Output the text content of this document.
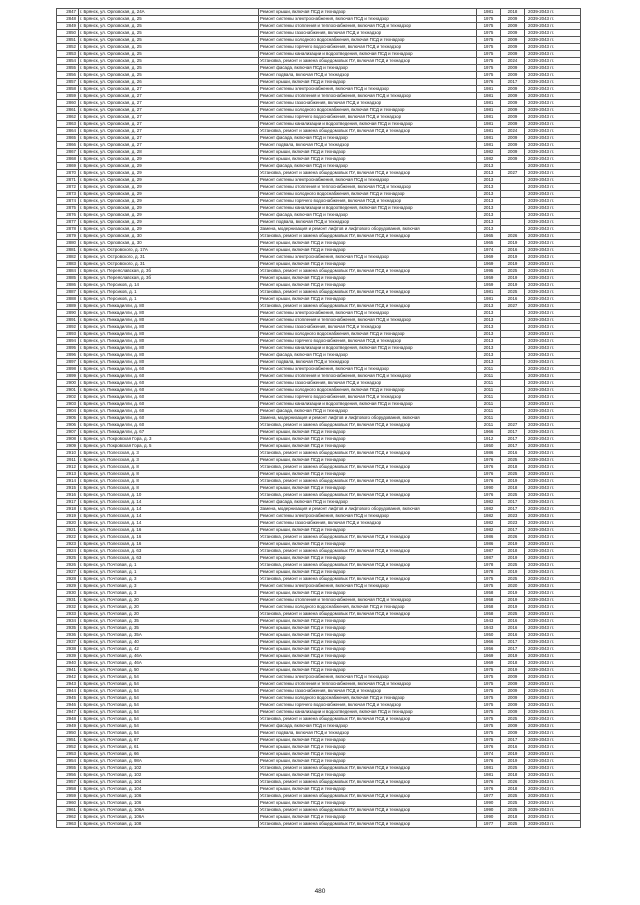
2847	г. Брянск, ул. Орловская, д. 24А	Ремонт крыши, включая ПСД и технадзор	1981	2018	2039-2043 гг.
2848	г. Брянск, ул. Орловская, д. 25	Ремонт системы электроснабжения, включая ПСД и технадзор	1975	2009	2039-2043 гг.
2849	г. Брянск, ул. Орловская, д. 25	Ремонт системы отопления и теплоснабжения, включая ПСД и технадзор	1975	2009	2039-2043 гг.
2850	г. Брянск, ул. Орловская, д. 25	Ремонт системы газоснабжения, включая ПСД и технадзор	1975	2009	2039-2043 гг.
2851	г. Брянск, ул. Орловская, д. 25	Ремонт системы холодного водоснабжения, включая ПСД и технадзор	1975	2009	2039-2043 гг.
2852	г. Брянск, ул. Орловская, д. 25	Ремонт системы горячего водоснабжения, включая ПСД и технадзор	1975	2009	2039-2043 гг.
2853	г. Брянск, ул. Орловская, д. 25	Ремонт системы канализации и водоотведения, включая ПСД и технадзор	1975	2009	2039-2043 гг.
2854	г. Брянск, ул. Орловская, д. 25	Установка, ремонт и замена общедомовых ПУ, включая ПСД и технадзор	1975	2024	2039-2043 гг.
2855	г. Брянск, ул. Орловская, д. 25	Ремонт фасада, включая ПСД и технадзор	1975	2009	2039-2043 гг.
2856	г. Брянск, ул. Орловская, д. 25	Ремонт подвала, включая ПСД и технадзор	1975	2009	2039-2043 гг.
2857	г. Брянск, ул. Орловская, д. 26	Ремонт крыши, включая ПСД и технадзор	1976	2017	2039-2043 гг.
2858	г. Брянск, ул. Орловская, д. 27	Ремонт системы электроснабжения, включая ПСД и технадзор	1981	2009	2039-2043 гг.
2859	г. Брянск, ул. Орловская, д. 27	Ремонт системы отопления и теплоснабжения, включая ПСД и технадзор	1981	2009	2039-2043 гг.
2860	г. Брянск, ул. Орловская, д. 27	Ремонт системы газоснабжения, включая ПСД и технадзор	1981	2009	2039-2043 гг.
2861	г. Брянск, ул. Орловская, д. 27	Ремонт системы холодного водоснабжения, включая ПСД и технадзор	1981	2009	2039-2043 гг.
2862	г. Брянск, ул. Орловская, д. 27	Ремонт системы горячего водоснабжения, включая ПСД и технадзор	1981	2009	2039-2043 гг.
2863	г. Брянск, ул. Орловская, д. 27	Ремонт системы канализации и водоотведения, включая ПСД и технадзор	1981	2009	2039-2043 гг.
2864	г. Брянск, ул. Орловская, д. 27	Установка, ремонт и замена общедомовых ПУ, включая ПСД и технадзор	1981	2024	2039-2043 гг.
2865	г. Брянск, ул. Орловская, д. 27	Ремонт фасада, включая ПСД и технадзор	1981	2009	2039-2043 гг.
2866	г. Брянск, ул. Орловская, д. 27	Ремонт подвала, включая ПСД и технадзор	1981	2009	2039-2043 гг.
2867	г. Брянск, ул. Орловская, д. 28	Ремонт крыши, включая ПСД и технадзор	1982	2009	2039-2043 гг.
2868	г. Брянск, ул. Орловская, д. 29	Ремонт крыши, включая ПСД и технадзор	1982	2009	2039-2043 гг.
2869	г. Брянск, ул. Орловская, д. 29	Ремонт фасада, включая ПСД и технадзор	2013		2039-2043 гг.
2870	г. Брянск, ул. Орловская, д. 29	Установка, ремонт и замена общедомовых ПУ, включая ПСД и технадзор	2013	2027	2039-2043 гг.
2871	г. Брянск, ул. Орловская, д. 29	Ремонт системы электроснабжения, включая ПСД и технадзор	2013		2039-2043 гг.
2872	г. Брянск, ул. Орловская, д. 29	Ремонт системы отопления и теплоснабжения, включая ПСД и технадзор	2013		2039-2043 гг.
2873	г. Брянск, ул. Орловская, д. 29	Ремонт системы холодного водоснабжения, включая ПСД и технадзор	2013		2039-2043 гг.
2874	г. Брянск, ул. Орловская, д. 29	Ремонт системы горячего водоснабжения, включая ПСД и технадзор	2013		2039-2043 гг.
2875	г. Брянск, ул. Орловская, д. 29	Ремонт системы канализации и водоотведения, включая ПСД и технадзор	2013		2039-2043 гг.
2876	г. Брянск, ул. Орловская, д. 29	Ремонт фасада, включая ПСД и технадзор	2013		2039-2043 гг.
2877	г. Брянск, ул. Орловская, д. 29	Ремонт подвала, включая ПСД и технадзор	2013		2039-2043 гг.
2878	г. Брянск, ул. Орловская, д. 29	Замена, модернизация и ремонт лифтов и лифтового оборудования, включая	2013		2039-2043 гг.
2879	г. Брянск, ул. Орловская, д. 30	Установка, ремонт и замена общедомовых ПУ, включая ПСД и технадзор	1965	2026	2039-2043 гг.
2880	г. Брянск, ул. Орловская, д. 30	Ремонт крыши, включая ПСД и технадзор	1965	2019	2039-2043 гг.
2881	г. Брянск, ул. Островского, д. 17А	Ремонт крыши, включая ПСД и технадзор	1974	2016	2039-2043 гг.
2882	г. Брянск, ул. Островского, д. 31	Ремонт системы электроснабжения, включая ПСД и технадзор	1969	2019	2039-2043 гг.
2883	г. Брянск, ул. Островского, д. 31	Ремонт крыши, включая ПСД и технадзор	1969	2019	2039-2043 гг.
2884	г. Брянск, ул. Переяславская, д. 3б	Установка, ремонт и замена общедомовых ПУ, включая ПСД и технадзор	1995	2025	2039-2043 гг.
2885	г. Брянск, ул. Переяславская, д. 3б	Ремонт крыши, включая ПСД и технадзор	1959	2019	2039-2043 гг.
2886	г. Брянск, ул. Персиков, д. 14	Ремонт крыши, включая ПСД и технадзор	1959	2019	2039-2043 гг.
2887	г. Брянск, ул. Персиков, д. 1	Установка, ремонт и замена общедомовых ПУ, включая ПСД и технадзор	1981	2025	2039-2043 гг.
2888	г. Брянск, ул. Персиков, д. 1	Ремонт крыши, включая ПСД и технадзор	1981	2016	2039-2043 гг.
2889	г. Брянск, ул. Пиккадилли, д. 80	Установка, ремонт и замена общедомовых ПУ, включая ПСД и технадзор	2013	2027	2039-2043 гг.
2890	г. Брянск, ул. Пиккадилли, д. 80	Ремонт системы электроснабжения, включая ПСД и технадзор	2013		2039-2043 гг.
2891	г. Брянск, ул. Пиккадилли, д. 80	Ремонт системы отопления и теплоснабжения, включая ПСД и технадзор	2013		2039-2043 гг.
2892	г. Брянск, ул. Пиккадилли, д. 80	Ремонт системы газоснабжения, включая ПСД и технадзор	2013		2039-2043 гг.
2893	г. Брянск, ул. Пиккадилли, д. 80	Ремонт системы холодного водоснабжения, включая ПСД и технадзор	2013		2039-2043 гг.
2894	г. Брянск, ул. Пиккадилли, д. 80	Ремонт системы горячего водоснабжения, включая ПСД и технадзор	2013		2039-2043 гг.
2895	г. Брянск, ул. Пиккадилли, д. 80	Ремонт системы канализации и водоотведения, включая ПСД и технадзор	2013		2039-2043 гг.
2896	г. Брянск, ул. Пиккадилли, д. 80	Ремонт фасада, включая ПСД и технадзор	2013		2039-2043 гг.
2897	г. Брянск, ул. Пиккадилли, д. 80	Ремонт подвала, включая ПСД и технадзор	2013		2039-2043 гг.
2898	г. Брянск, ул. Пиккадилли, д. 60	Ремонт системы электроснабжения, включая ПСД и технадзор	2011		2039-2043 гг.
2899	г. Брянск, ул. Пиккадилли, д. 60	Ремонт системы отопления и теплоснабжения, включая ПСД и технадзор	2011		2039-2043 гг.
2900	г. Брянск, ул. Пиккадилли, д. 60	Ремонт системы газоснабжения, включая ПСД и технадзор	2011		2039-2043 гг.
2901	г. Брянск, ул. Пиккадилли, д. 60	Ремонт системы холодного водоснабжения, включая ПСД и технадзор	2011		2039-2043 гг.
2902	г. Брянск, ул. Пиккадилли, д. 60	Ремонт системы горячего водоснабжения, включая ПСД и технадзор	2011		2039-2043 гг.
2903	г. Брянск, ул. Пиккадилли, д. 60	Ремонт системы канализации и водоотведения, включая ПСД и технадзор	2011		2039-2043 гг.
2904	г. Брянск, ул. Пиккадилли, д. 60	Ремонт фасада, включая ПСД и технадзор	2011		2039-2043 гг.
2905	г. Брянск, ул. Пиккадилли, д. 60	Замена, модернизация и ремонт лифтов и лифтового оборудования, включая	2011		2039-2043 гг.
2906	г. Брянск, ул. Пиккадилли, д. 60	Установка, ремонт и замена общедомовых ПУ, включая ПСД и технадзор	2011	2027	2039-2043 гг.
2907	г. Брянск, ул. Пиккадилли, д. 67	Ремонт крыши, включая ПСД и технадзор	1966	2017	2039-2043 гг.
2908	г. Брянск, ул. Покровская Гора, д. 3	Ремонт крыши, включая ПСД и технадзор	1912	2017	2039-2043 гг.
2909	г. Брянск, ул. Покровская Гора, д. 5	Ремонт крыши, включая ПСД и технадзор	1950	2017	2039-2043 гг.
2910	г. Брянск, ул. Полесская, д. 3	Установка, ремонт и замена общедомовых ПУ, включая ПСД и технадзор	1986	2016	2039-2043 гг.
2911	г. Брянск, ул. Полесская, д. 3	Ремонт крыши, включая ПСД и технадзор	1976	2025	2039-2043 гг.
2912	г. Брянск, ул. Полесская, д. 8	Установка, ремонт и замена общедомовых ПУ, включая ПСД и технадзор	1976	2018	2039-2043 гг.
2913	г. Брянск, ул. Полесская, д. 8	Ремонт крыши, включая ПСД и технадзор	1976	2025	2039-2043 гг.
2914	г. Брянск, ул. Полесская, д. 8	Установка, ремонт и замена общедомовых ПУ, включая ПСД и технадзор	1976	2019	2039-2043 гг.
2915	г. Брянск, ул. Полесская, д. 8	Ремонт крыши, включая ПСД и технадзор	1990	2018	2039-2043 гг.
2916	г. Брянск, ул. Полесская, д. 10	Установка, ремонт и замена общедомовых ПУ, включая ПСД и технадзор	1976	2025	2039-2043 гг.
2917	г. Брянск, ул. Полесская, д. 14	Ремонт фасада, включая ПСД и технадзор	1982	2017	2039-2043 гг.
2918	г. Брянск, ул. Полесская, д. 14	Замена, модернизация и ремонт лифтов и лифтового оборудования, включая	1982	2017	2039-2043 гг.
2919	г. Брянск, ул. Полесская, д. 14	Ремонт системы электроснабжения, включая ПСД и технадзор	1982	2023	2039-2043 гг.
2920	г. Брянск, ул. Полесская, д. 14	Ремонт системы газоснабжения, включая ПСД и технадзор	1982	2023	2039-2043 гг.
2921	г. Брянск, ул. Полесская, д. 16	Ремонт крыши, включая ПСД и технадзор	1982	2017	2039-2043 гг.
2922	г. Брянск, ул. Полесская, д. 16	Установка, ремонт и замена общедомовых ПУ, включая ПСД и технадзор	1986	2026	2039-2043 гг.
2923	г. Брянск, ул. Полесская, д. 16	Ремонт крыши, включая ПСД и технадзор	1986	2019	2039-2043 гг.
2924	г. Брянск, ул. Полесская, д. 63	Установка, ремонт и замена общедомовых ПУ, включая ПСД и технадзор	1987	2018	2039-2043 гг.
2925	г. Брянск, ул. Полесская, д. 63	Ремонт крыши, включая ПСД и технадзор	1987	2019	2039-2043 гг.
2926	г. Брянск, ул. Почтовая, д. 1	Установка, ремонт и замена общедомовых ПУ, включая ПСД и технадзор	1978	2025	2039-2043 гг.
2927	г. Брянск, ул. Почтовая, д. 1	Ремонт крыши, включая ПСД и технадзор	1978	2019	2039-2043 гг.
2928	г. Брянск, ул. Почтовая, д. 3	Установка, ремонт и замена общедомовых ПУ, включая ПСД и технадзор	1975	2025	2039-2043 гг.
2929	г. Брянск, ул. Почтовая, д. 3	Ремонт системы электроснабжения, включая ПСД и технадзор	1975	2020	2039-2043 гг.
2930	г. Брянск, ул. Почтовая, д. 3	Ремонт крыши, включая ПСД и технадзор	1958	2019	2039-2043 гг.
2931	г. Брянск, ул. Почтовая, д. 20	Ремонт системы отопления и теплоснабжения, включая ПСД и технадзор	1958	2019	2039-2043 гг.
2932	г. Брянск, ул. Почтовая, д. 20	Ремонт системы холодного водоснабжения, включая ПСД и технадзор	1958	2019	2039-2043 гг.
2933	г. Брянск, ул. Почтовая, д. 20	Установка, ремонт и замена общедомовых ПУ, включая ПСД и технадзор	1958	2025	2039-2043 гг.
2934	г. Брянск, ул. Почтовая, д. 35	Ремонт крыши, включая ПСД и технадзор	1943	2016	2039-2043 гг.
2935	г. Брянск, ул. Почтовая, д. 35	Ремонт крыши, включая ПСД и технадзор	1943	2016	2039-2043 гг.
2936	г. Брянск, ул. Почтовая, д. 35А	Ремонт крыши, включая ПСД и технадзор	1950	2016	2039-2043 гг.
2937	г. Брянск, ул. Почтовая, д. 40	Ремонт крыши, включая ПСД и технадзор	1966	2017	2039-2043 гг.
2938	г. Брянск, ул. Почтовая, д. 42	Ремонт крыши, включая ПСД и технадзор	1956	2017	2039-2043 гг.
2939	г. Брянск, ул. Почтовая, д. 46А	Ремонт крыши, включая ПСД и технадзор	1969	2019	2039-2043 гг.
2940	г. Брянск, ул. Почтовая, д. 46А	Ремонт крыши, включая ПСД и технадзор	1969	2018	2039-2043 гг.
2941	г. Брянск, ул. Почтовая, д. 50	Ремонт крыши, включая ПСД и технадзор	1975	2019	2039-2043 гг.
2942	г. Брянск, ул. Почтовая, д. 54	Ремонт системы электроснабжения, включая ПСД и технадзор	1975	2009	2039-2043 гг.
2943	г. Брянск, ул. Почтовая, д. 54	Ремонт системы отопления и теплоснабжения, включая ПСД и технадзор	1975	2009	2039-2043 гг.
2944	г. Брянск, ул. Почтовая, д. 54	Ремонт системы газоснабжения, включая ПСД и технадзор	1975	2009	2039-2043 гг.
2945	г. Брянск, ул. Почтовая, д. 54	Ремонт системы холодного водоснабжения, включая ПСД и технадзор	1975	2009	2039-2043 гг.
2946	г. Брянск, ул. Почтовая, д. 54	Ремонт системы горячего водоснабжения, включая ПСД и технадзор	1975	2009	2039-2043 гг.
2947	г. Брянск, ул. Почтовая, д. 54	Ремонт системы канализации и водоотведения, включая ПСД и технадзор	1975	2009	2039-2043 гг.
2948	г. Брянск, ул. Почтовая, д. 54	Установка, ремонт и замена общедомовых ПУ, включая ПСД и технадзор	1975	2025	2039-2043 гг.
2949	г. Брянск, ул. Почтовая, д. 54	Ремонт фасада, включая ПСД и технадзор	1975	2009	2039-2043 гг.
2950	г. Брянск, ул. Почтовая, д. 54	Ремонт подвала, включая ПСД и технадзор	1975	2009	2039-2043 гг.
2951	г. Брянск, ул. Почтовая, д. 67	Ремонт крыши, включая ПСД и технадзор	1975	2017	2039-2043 гг.
2952	г. Брянск, ул. Почтовая, д. 61	Ремонт крыши, включая ПСД и технадзор	1976	2016	2039-2043 гг.
2953	г. Брянск, ул. Почтовая, д. 66	Ремонт крыши, включая ПСД и технадзор	1974	2019	2039-2043 гг.
2954	г. Брянск, ул. Почтовая, д. 98А	Ремонт крыши, включая ПСД и технадзор	1976	2019	2039-2043 гг.
2955	г. Брянск, ул. Почтовая, д. 102	Установка, ремонт и замена общедомовых ПУ, включая ПСД и технадзор	1981	2025	2039-2043 гг.
2956	г. Брянск, ул. Почтовая, д. 102	Ремонт крыши, включая ПСД и технадзор	1981	2018	2039-2043 гг.
2957	г. Брянск, ул. Почтовая, д. 104	Установка, ремонт и замена общедомовых ПУ, включая ПСД и технадзор	1976	2026	2039-2043 гг.
2958	г. Брянск, ул. Почтовая, д. 104	Ремонт крыши, включая ПСД и технадзор	1976	2018	2039-2043 гг.
2959	г. Брянск, ул. Почтовая, д. 106	Установка, ремонт и замена общедомовых ПУ, включая ПСД и технадзор	1977	2025	2039-2043 гг.
2960	г. Брянск, ул. Почтовая, д. 106	Ремонт крыши, включая ПСД и технадзор	1990	2025	2039-2043 гг.
2961	г. Брянск, ул. Почтовая, д. 106А	Установка, ремонт и замена общедомовых ПУ, включая ПСД и технадзор	1990	2025	2039-2043 гг.
2962	г. Брянск, ул. Почтовая, д. 106А	Ремонт крыши, включая ПСД и технадзор	1990	2018	2039-2043 гг.
2963	г. Брянск, ул. Почтовая, д. 108	Установка, ремонт и замена общедомовых ПУ, включая ПСД и технадзор	1977	2025	2039-2043 гг.
480
